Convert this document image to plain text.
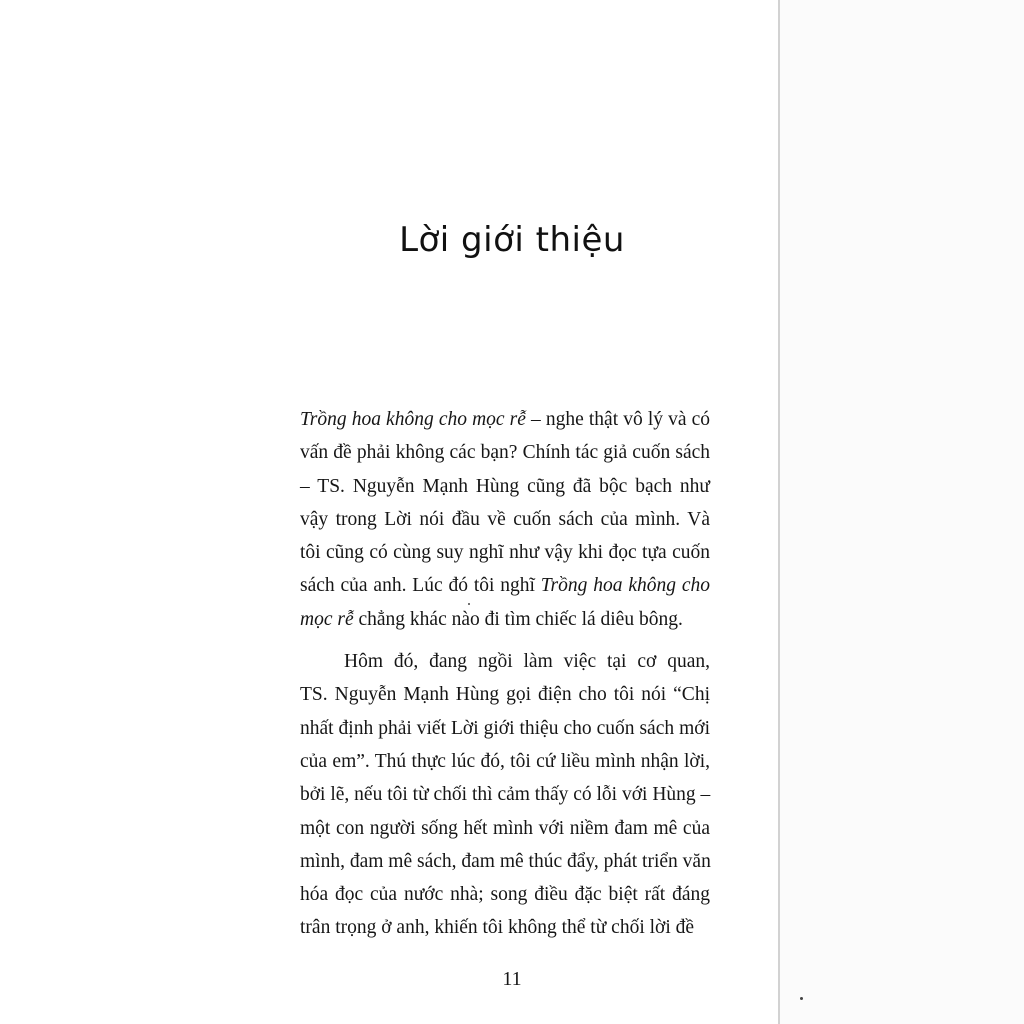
Lời giới thiệu
Trồng hoa không cho mọc rễ – nghe thật vô lý và có
vấn đề phải không các bạn? Chính tác giả cuốn sách
– TS. Nguyễn Mạnh Hùng cũng đã bộc bạch như
vậy trong Lời nói đầu về cuốn sách của mình. Và
tôi cũng có cùng suy nghĩ như vậy khi đọc tựa cuốn
sách của anh. Lúc đó tôi nghĩ Trồng hoa không cho
mọc rễ chẳng khác nào đi tìm chiếc lá diêu bông.
Hôm đó, đang ngồi làm việc tại cơ quan,
TS. Nguyễn Mạnh Hùng gọi điện cho tôi nói “Chị
nhất định phải viết Lời giới thiệu cho cuốn sách mới
của em”. Thú thực lúc đó, tôi cứ liều mình nhận lời,
bởi lẽ, nếu tôi từ chối thì cảm thấy có lỗi với Hùng –
một con người sống hết mình với niềm đam mê của
mình, đam mê sách, đam mê thúc đẩy, phát triển văn
hóa đọc của nước nhà; song điều đặc biệt rất đáng
trân trọng ở anh, khiến tôi không thể từ chối lời đề
11
